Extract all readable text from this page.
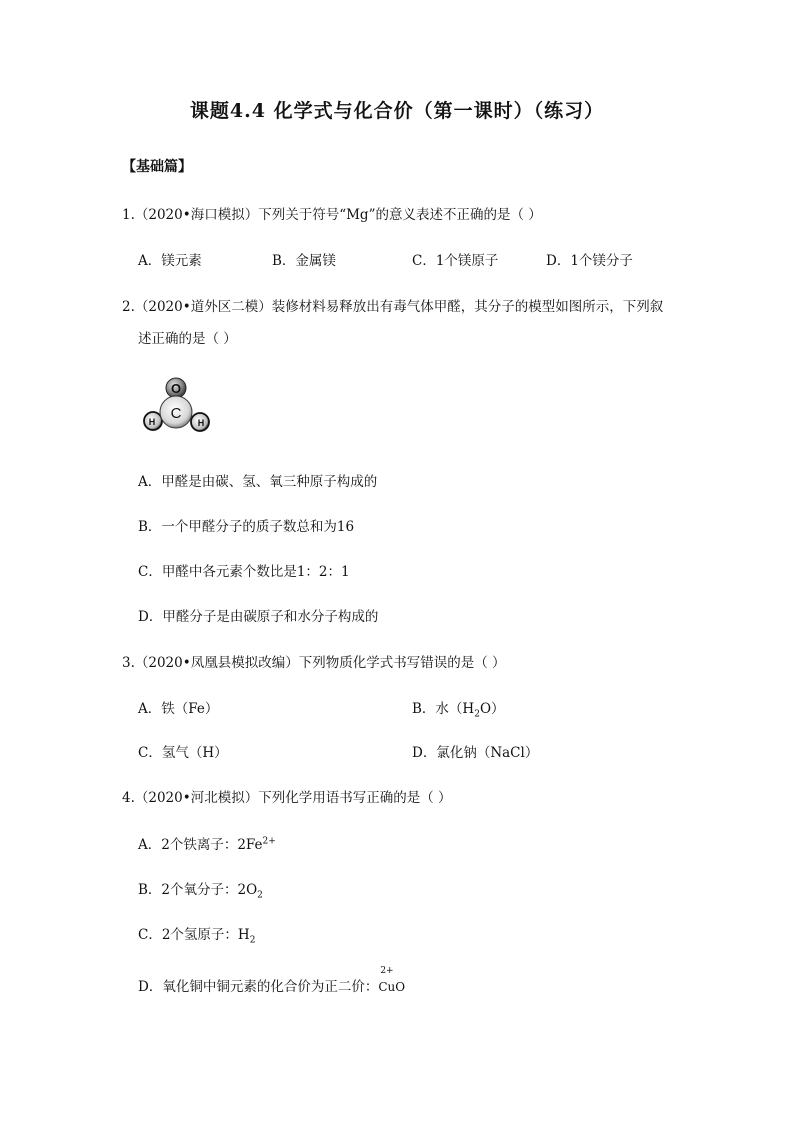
课题4.4 化学式与化合价（第一课时）（练习）
【基础篇】
1.（2020•海口模拟）下列关于符号“Mg”的意义表述不正确的是（ ）
A．镁元素	B．金属镁	C．1个镁原子	D．1个镁分子
2.（2020•道外区二模）装修材料易释放出有毒气体甲醛，其分子的模型如图所示，下列叙
述正确的是（ ）
O
C
H	H
A．甲醛是由碳、氢、氧三种原子构成的
B．一个甲醛分子的质子数总和为16
C．甲醛中各元素个数比是1：2：1
D．甲醛分子是由碳原子和水分子构成的
3.（2020•凤凰县模拟改编）下列物质化学式书写错误的是（ ）
A．铁（Fe）	B．水$(H_2O)$
C．氢气（H）	D．氯化钠（NaCl）
4.（2020•河北模拟）下列化学用语书写正确的是（ ）
A．2个铁离子：$2Fe^{2+}$
B．2个氧分子：$2O_2$
C．2个氢原子：$H_2$
D．氧化铜中铜元素的化合价为正二价：
2+
CuO
